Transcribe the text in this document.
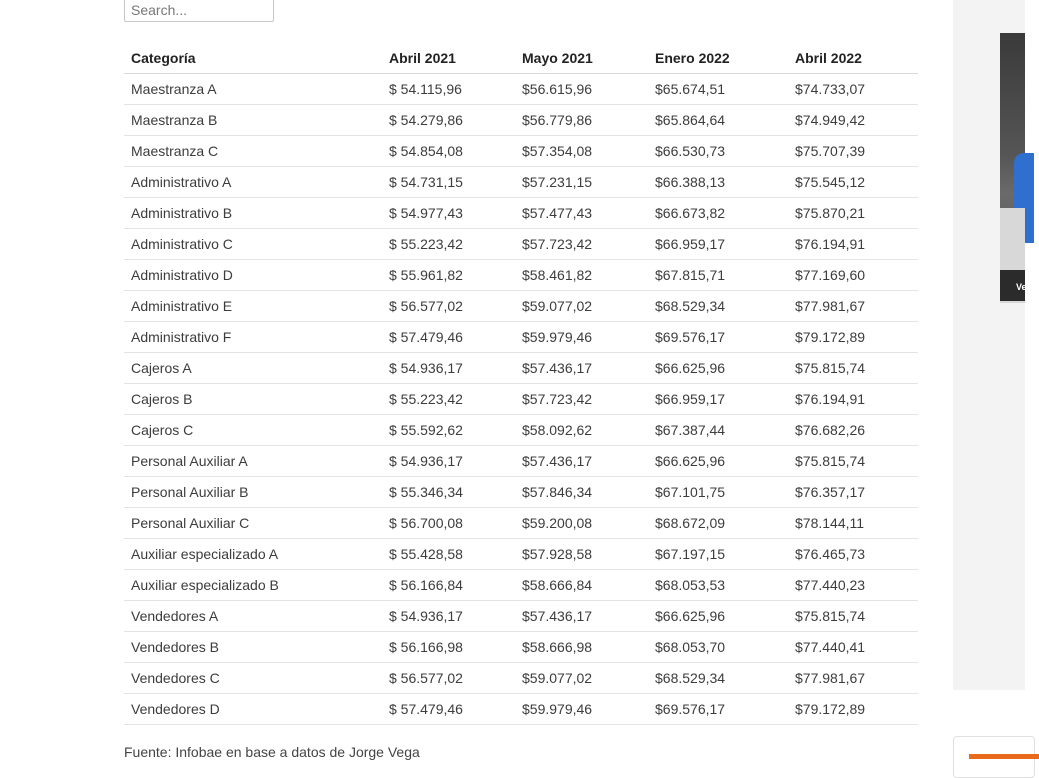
Search...
Categoría	Abril 2021	Mayo 2021	Enero 2022	Abril 2022
Maestranza A	$ 54.115,96	$56.615,96	$65.674,51	$74.733,07
Maestranza B	$ 54.279,86	$56.779,86	$65.864,64	$74.949,42
Maestranza C	$ 54.854,08	$57.354,08	$66.530,73	$75.707,39
Administrativo A	$ 54.731,15	$57.231,15	$66.388,13	$75.545,12
Administrativo B	$ 54.977,43	$57.477,43	$66.673,82	$75.870,21
Administrativo C	$ 55.223,42	$57.723,42	$66.959,17	$76.194,91
Administrativo D	$ 55.961,82	$58.461,82	$67.815,71	$77.169,60
Administrativo E	$ 56.577,02	$59.077,02	$68.529,34	$77.981,67
Administrativo F	$ 57.479,46	$59.979,46	$69.576,17	$79.172,89
Cajeros A	$ 54.936,17	$57.436,17	$66.625,96	$75.815,74
Cajeros B	$ 55.223,42	$57.723,42	$66.959,17	$76.194,91
Cajeros C	$ 55.592,62	$58.092,62	$67.387,44	$76.682,26
Personal Auxiliar A	$ 54.936,17	$57.436,17	$66.625,96	$75.815,74
Personal Auxiliar B	$ 55.346,34	$57.846,34	$67.101,75	$76.357,17
Personal Auxiliar C	$ 56.700,08	$59.200,08	$68.672,09	$78.144,11
Auxiliar especializado A	$ 55.428,58	$57.928,58	$67.197,15	$76.465,73
Auxiliar especializado B	$ 56.166,84	$58.666,84	$68.053,53	$77.440,23
Vendedores A	$ 54.936,17	$57.436,17	$66.625,96	$75.815,74
Vendedores B	$ 56.166,98	$58.666,98	$68.053,70	$77.440,41
Vendedores C	$ 56.577,02	$59.077,02	$68.529,34	$77.981,67
Vendedores D	$ 57.479,46	$59.979,46	$69.576,17	$79.172,89
Fuente: Infobae en base a datos de Jorge Vega
Ve
